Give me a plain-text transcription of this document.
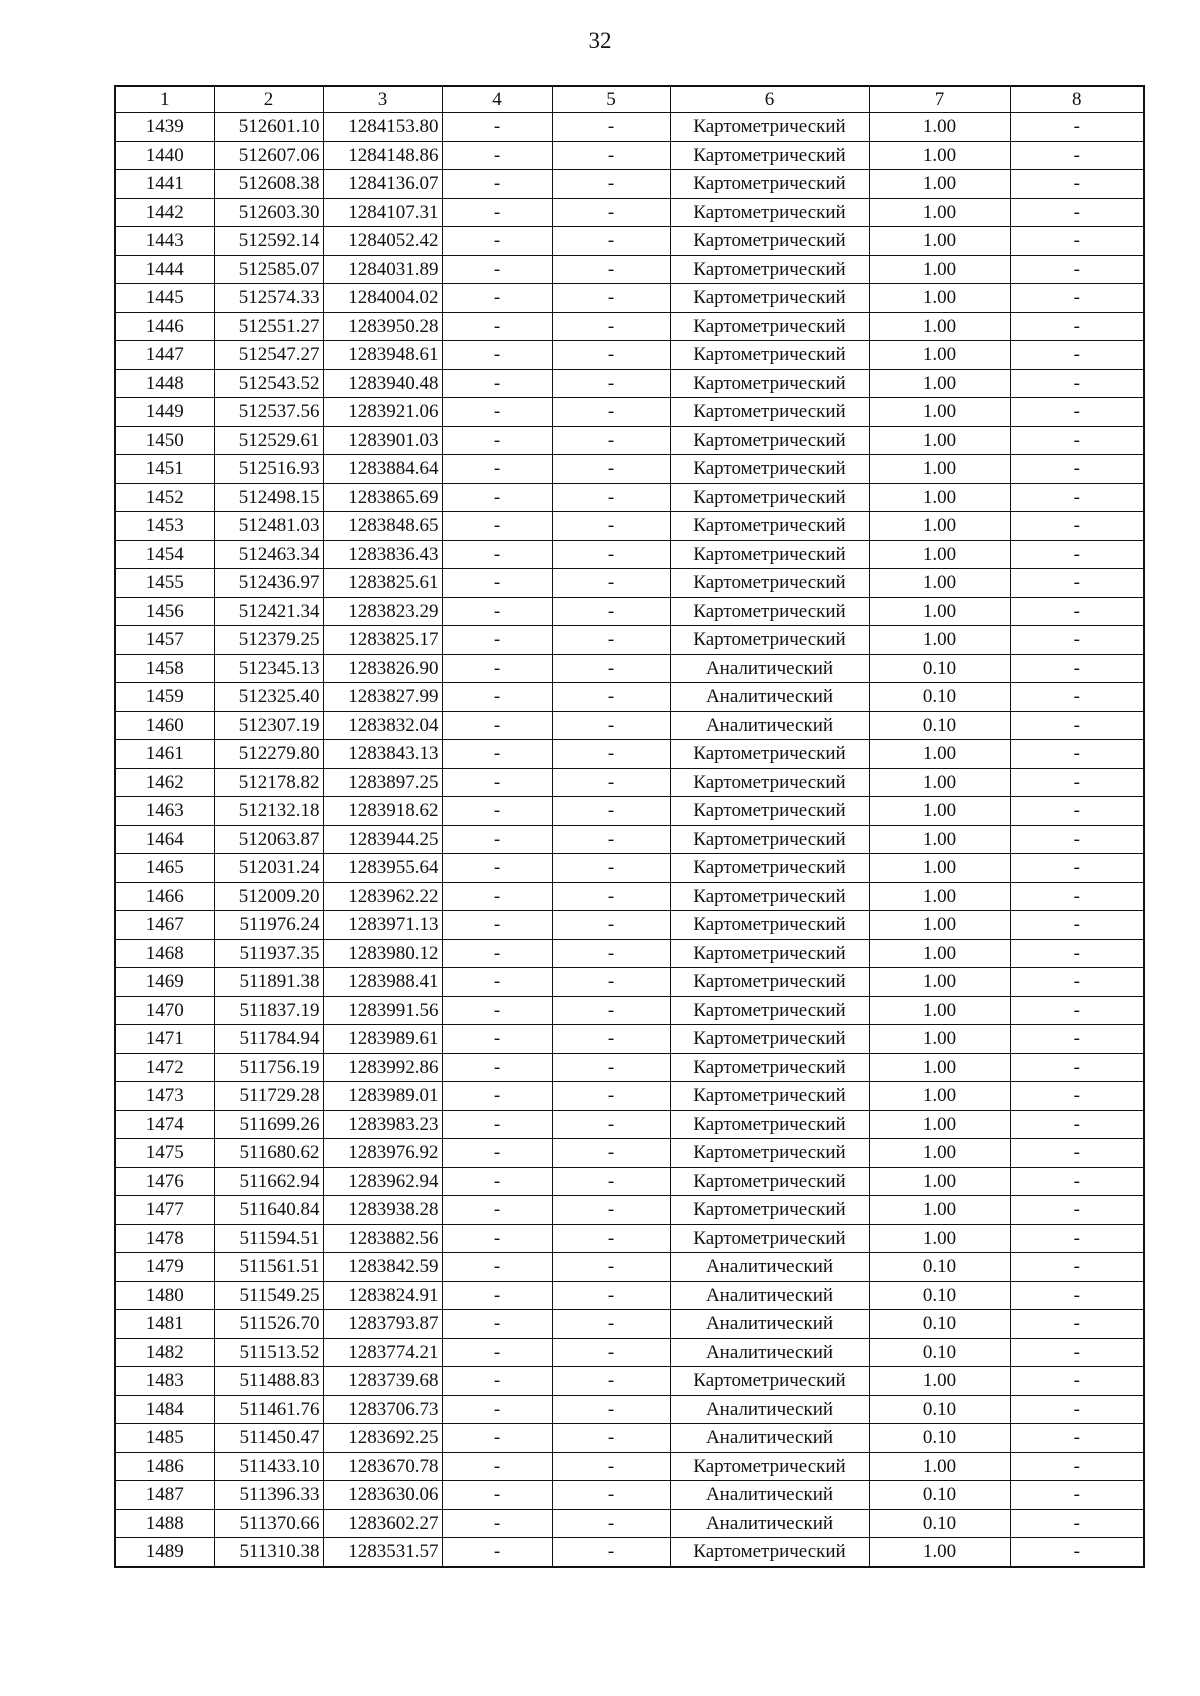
32
1	2	3	4	5	6	7	8
1439	512601.10	1284153.80	-	-	Картометрический	1.00	-
1440	512607.06	1284148.86	-	-	Картометрический	1.00	-
1441	512608.38	1284136.07	-	-	Картометрический	1.00	-
1442	512603.30	1284107.31	-	-	Картометрический	1.00	-
1443	512592.14	1284052.42	-	-	Картометрический	1.00	-
1444	512585.07	1284031.89	-	-	Картометрический	1.00	-
1445	512574.33	1284004.02	-	-	Картометрический	1.00	-
1446	512551.27	1283950.28	-	-	Картометрический	1.00	-
1447	512547.27	1283948.61	-	-	Картометрический	1.00	-
1448	512543.52	1283940.48	-	-	Картометрический	1.00	-
1449	512537.56	1283921.06	-	-	Картометрический	1.00	-
1450	512529.61	1283901.03	-	-	Картометрический	1.00	-
1451	512516.93	1283884.64	-	-	Картометрический	1.00	-
1452	512498.15	1283865.69	-	-	Картометрический	1.00	-
1453	512481.03	1283848.65	-	-	Картометрический	1.00	-
1454	512463.34	1283836.43	-	-	Картометрический	1.00	-
1455	512436.97	1283825.61	-	-	Картометрический	1.00	-
1456	512421.34	1283823.29	-	-	Картометрический	1.00	-
1457	512379.25	1283825.17	-	-	Картометрический	1.00	-
1458	512345.13	1283826.90	-	-	Аналитический	0.10	-
1459	512325.40	1283827.99	-	-	Аналитический	0.10	-
1460	512307.19	1283832.04	-	-	Аналитический	0.10	-
1461	512279.80	1283843.13	-	-	Картометрический	1.00	-
1462	512178.82	1283897.25	-	-	Картометрический	1.00	-
1463	512132.18	1283918.62	-	-	Картометрический	1.00	-
1464	512063.87	1283944.25	-	-	Картометрический	1.00	-
1465	512031.24	1283955.64	-	-	Картометрический	1.00	-
1466	512009.20	1283962.22	-	-	Картометрический	1.00	-
1467	511976.24	1283971.13	-	-	Картометрический	1.00	-
1468	511937.35	1283980.12	-	-	Картометрический	1.00	-
1469	511891.38	1283988.41	-	-	Картометрический	1.00	-
1470	511837.19	1283991.56	-	-	Картометрический	1.00	-
1471	511784.94	1283989.61	-	-	Картометрический	1.00	-
1472	511756.19	1283992.86	-	-	Картометрический	1.00	-
1473	511729.28	1283989.01	-	-	Картометрический	1.00	-
1474	511699.26	1283983.23	-	-	Картометрический	1.00	-
1475	511680.62	1283976.92	-	-	Картометрический	1.00	-
1476	511662.94	1283962.94	-	-	Картометрический	1.00	-
1477	511640.84	1283938.28	-	-	Картометрический	1.00	-
1478	511594.51	1283882.56	-	-	Картометрический	1.00	-
1479	511561.51	1283842.59	-	-	Аналитический	0.10	-
1480	511549.25	1283824.91	-	-	Аналитический	0.10	-
1481	511526.70	1283793.87	-	-	Аналитический	0.10	-
1482	511513.52	1283774.21	-	-	Аналитический	0.10	-
1483	511488.83	1283739.68	-	-	Картометрический	1.00	-
1484	511461.76	1283706.73	-	-	Аналитический	0.10	-
1485	511450.47	1283692.25	-	-	Аналитический	0.10	-
1486	511433.10	1283670.78	-	-	Картометрический	1.00	-
1487	511396.33	1283630.06	-	-	Аналитический	0.10	-
1488	511370.66	1283602.27	-	-	Аналитический	0.10	-
1489	511310.38	1283531.57	-	-	Картометрический	1.00	-
